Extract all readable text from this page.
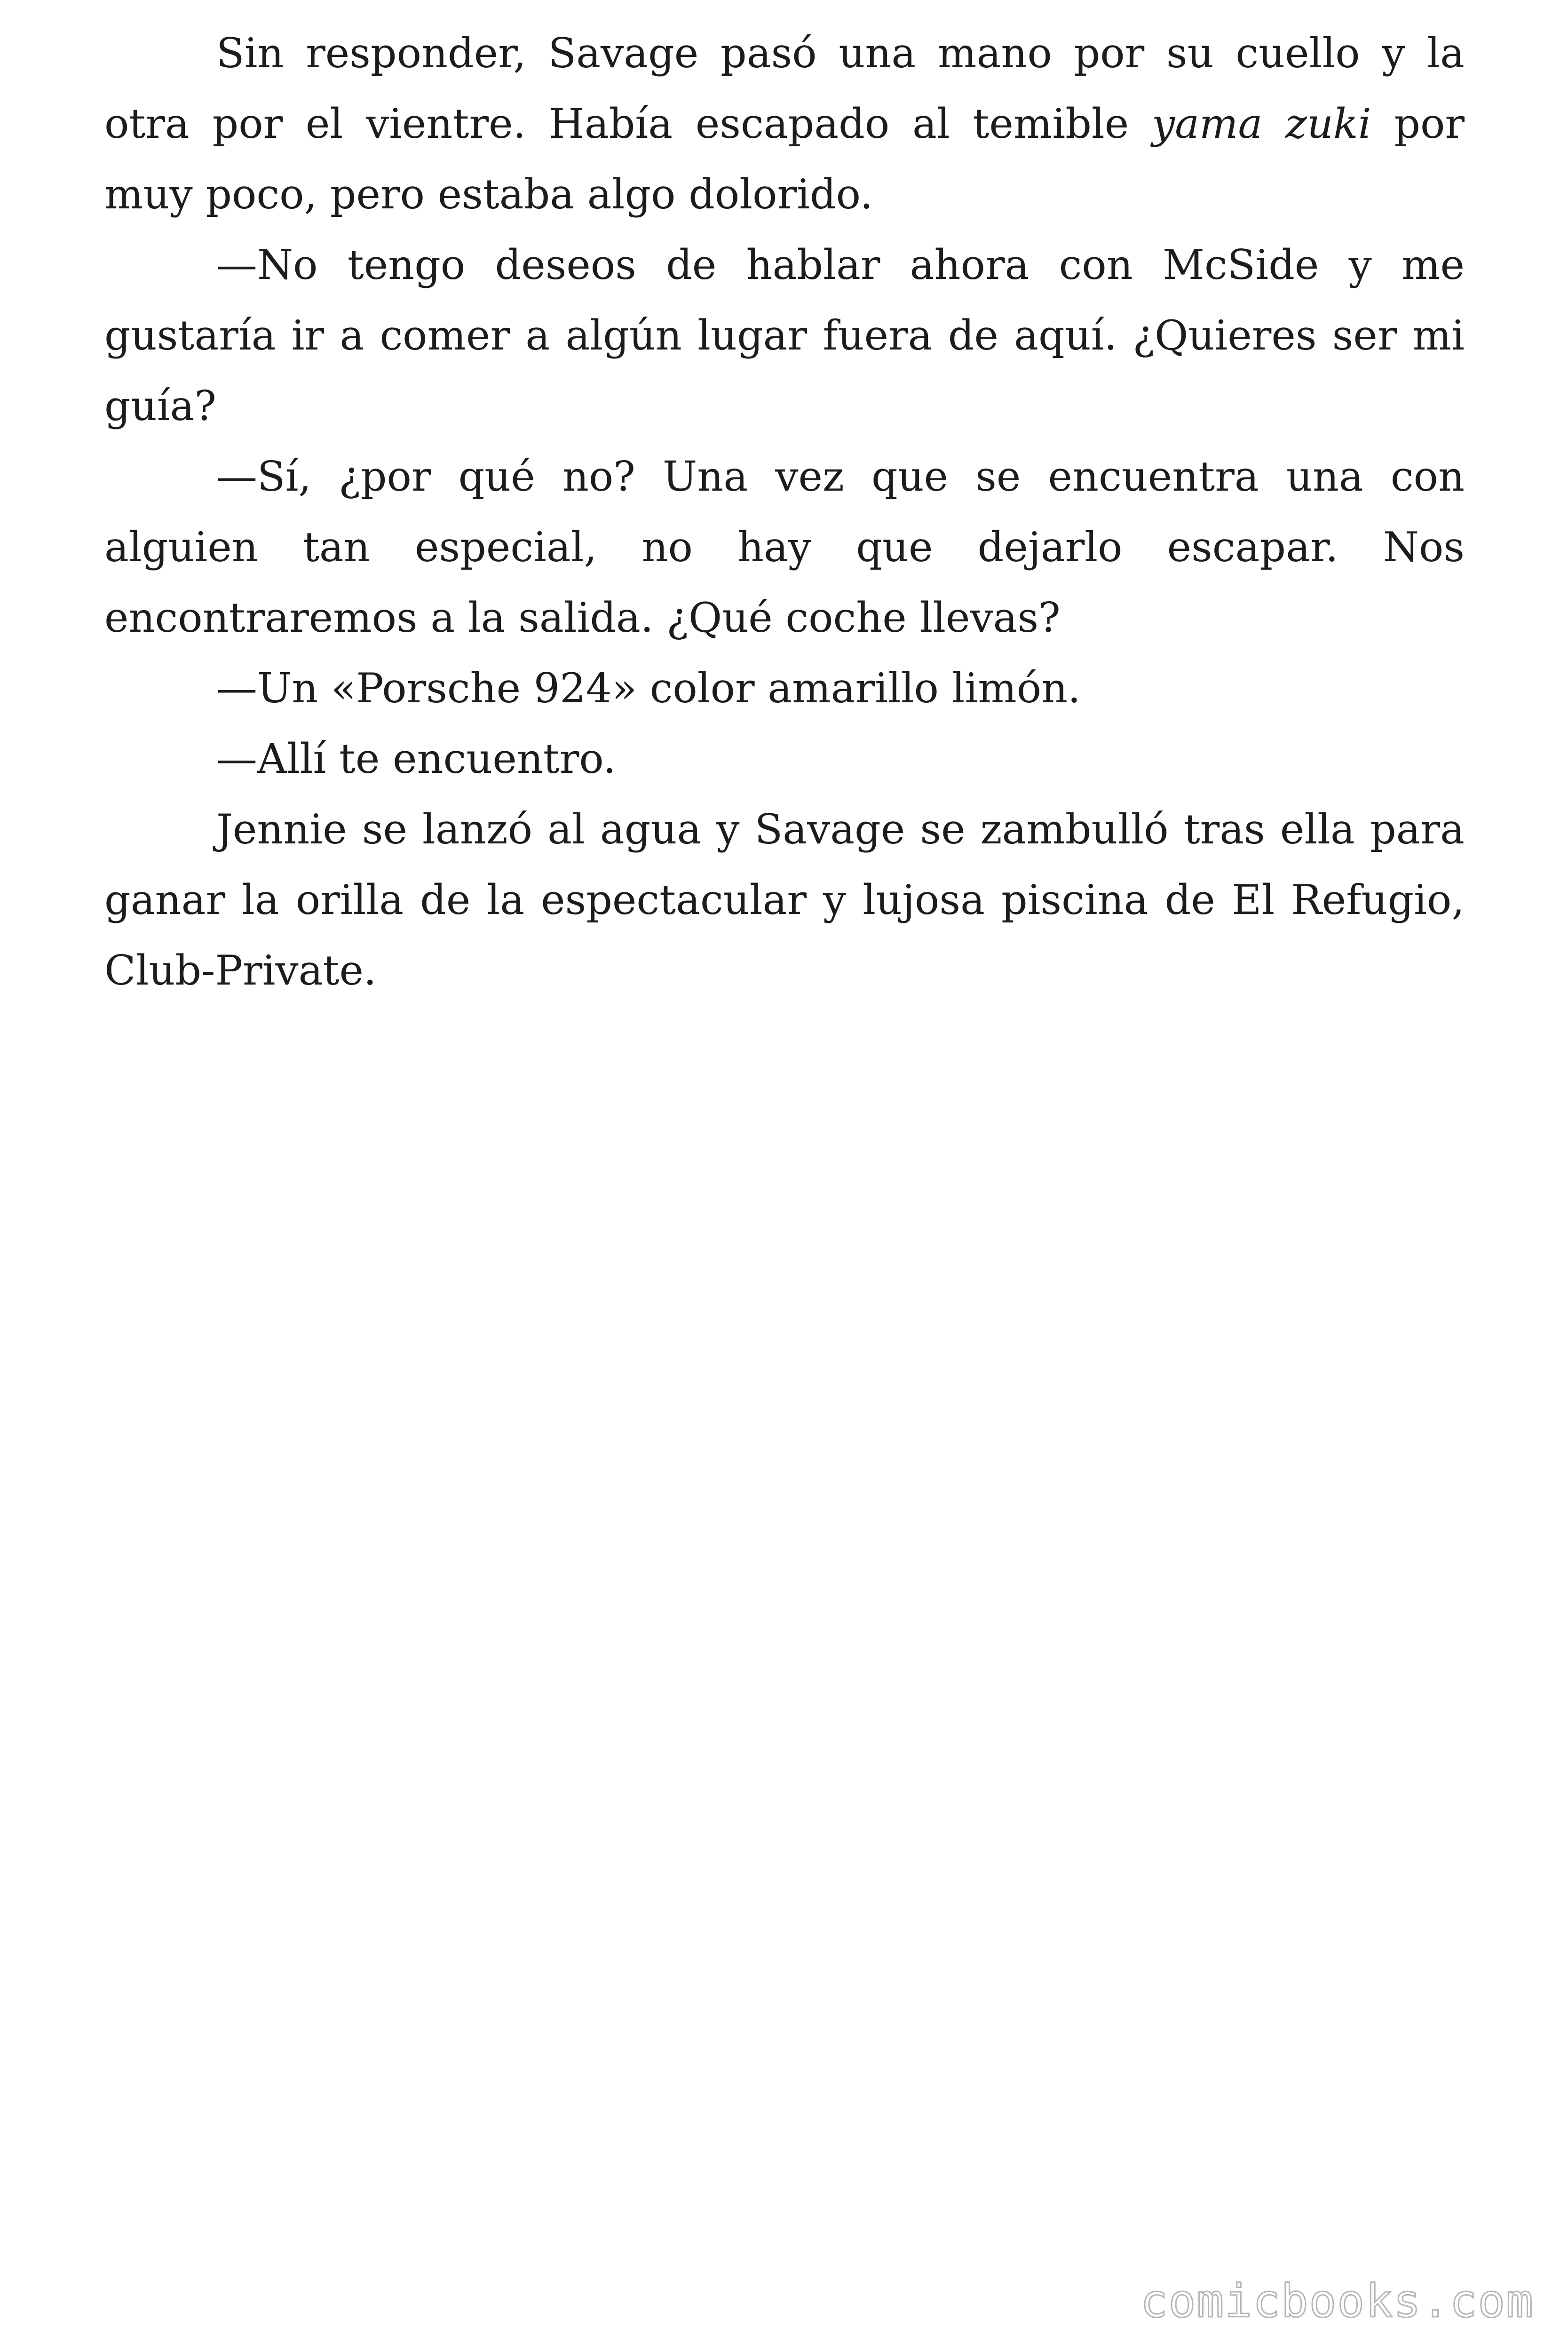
Sin responder, Savage pasó una mano por su cuello y la otra por el vientre. Había escapado al temible yama zuki por muy poco, pero estaba algo dolorido.

—No tengo deseos de hablar ahora con McSide y me gustaría ir a comer a algún lugar fuera de aquí. ¿Quieres ser mi guía?

—Sí, ¿por qué no? Una vez que se encuentra una con alguien tan especial, no hay que dejarlo escapar. Nos encontraremos a la salida. ¿Qué coche llevas?

—Un «Porsche 924» color amarillo limón.

—Allí te encuentro.

Jennie se lanzó al agua y Savage se zambulló tras ella para ganar la orilla de la espectacular y lujosa piscina de El Refugio, Club-Private.

comicbooks.com
